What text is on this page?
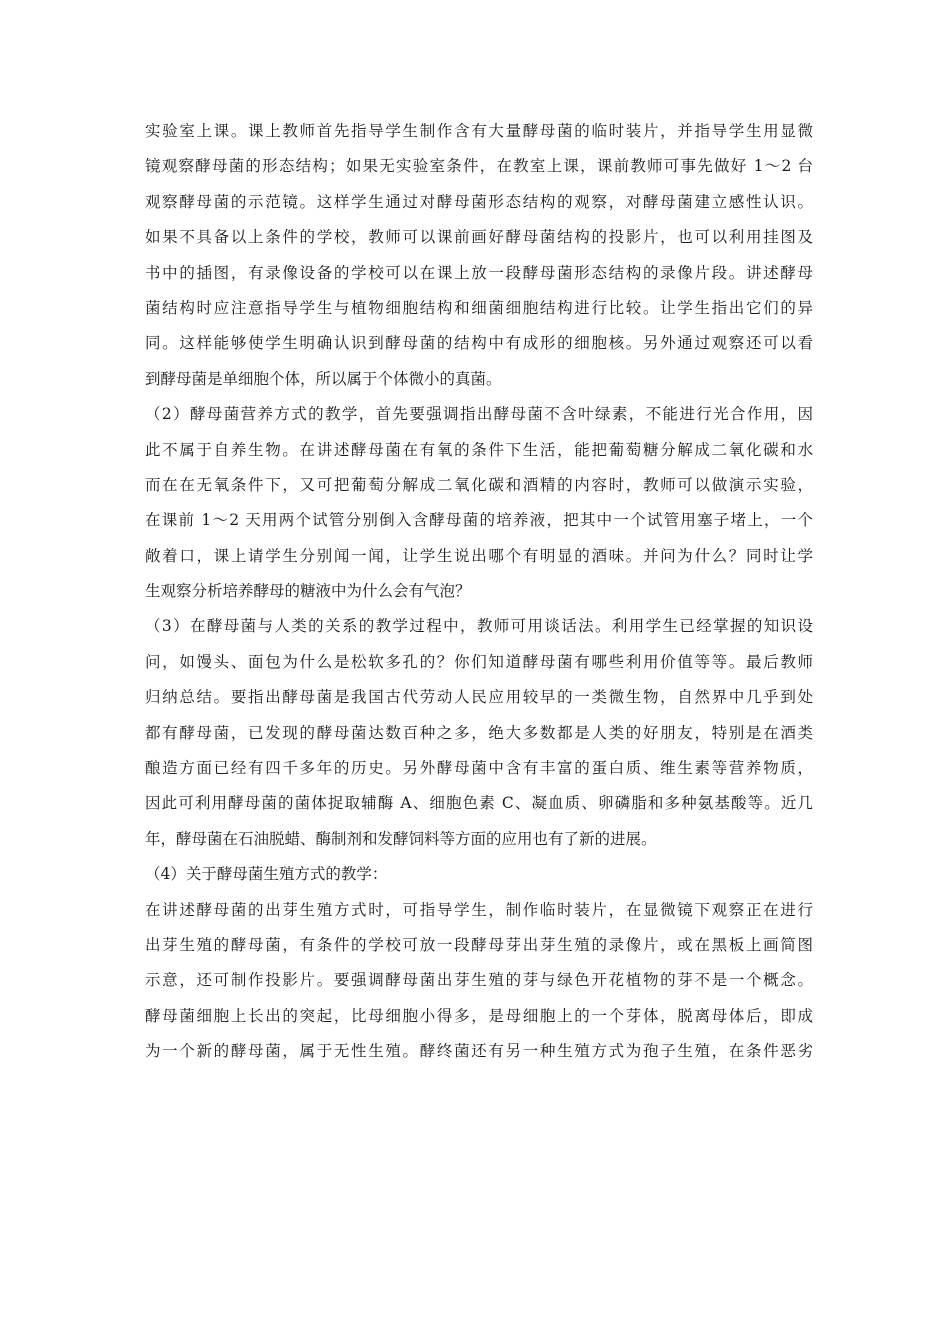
实验室上课。课上教师首先指导学生制作含有大量酵母菌的临时装片，并指导学生用显微
镜观察酵母菌的形态结构；如果无实验室条件，在教室上课，课前教师可事先做好 1～2 台
观察酵母菌的示范镜。这样学生通过对酵母菌形态结构的观察，对酵母菌建立感性认识。
如果不具备以上条件的学校，教师可以课前画好酵母菌结构的投影片，也可以利用挂图及
书中的插图，有录像设备的学校可以在课上放一段酵母菌形态结构的录像片段。讲述酵母
菌结构时应注意指导学生与植物细胞结构和细菌细胞结构进行比较。让学生指出它们的异
同。这样能够使学生明确认识到酵母菌的结构中有成形的细胞核。另外通过观察还可以看
到酵母菌是单细胞个体，所以属于个体微小的真菌。
（2）酵母菌营养方式的教学，首先要强调指出酵母菌不含叶绿素，不能进行光合作用，因
此不属于自养生物。在讲述酵母菌在有氧的条件下生活，能把葡萄糖分解成二氧化碳和水
而在在无氧条件下，又可把葡萄分解成二氧化碳和酒精的内容时，教师可以做演示实验，
在课前 1～2 天用两个试管分别倒入含酵母菌的培养液，把其中一个试管用塞子堵上，一个
敞着口，课上请学生分别闻一闻，让学生说出哪个有明显的酒味。并问为什么？同时让学
生观察分析培养酵母的糖液中为什么会有气泡？
（3）在酵母菌与人类的关系的教学过程中，教师可用谈话法。利用学生已经掌握的知识设
问，如馒头、面包为什么是松软多孔的？你们知道酵母菌有哪些利用价值等等。最后教师
归纳总结。要指出酵母菌是我国古代劳动人民应用较早的一类微生物，自然界中几乎到处
都有酵母菌，已发现的酵母菌达数百种之多，绝大多数都是人类的好朋友，特别是在酒类
酿造方面已经有四千多年的历史。另外酵母菌中含有丰富的蛋白质、维生素等营养物质，
因此可利用酵母菌的菌体捉取辅酶 A、细胞色素 C、凝血质、卵磷脂和多种氨基酸等。近几
年，酵母菌在石油脱蜡、酶制剂和发酵饲料等方面的应用也有了新的进展。
（4）关于酵母菌生殖方式的教学：
在讲述酵母菌的出芽生殖方式时，可指导学生，制作临时装片，在显微镜下观察正在进行
出芽生殖的酵母菌，有条件的学校可放一段酵母芽出芽生殖的录像片，或在黑板上画简图
示意，还可制作投影片。要强调酵母菌出芽生殖的芽与绿色开花植物的芽不是一个概念。
酵母菌细胞上长出的突起，比母细胞小得多，是母细胞上的一个芽体，脱离母体后，即成
为一个新的酵母菌，属于无性生殖。酵终菌还有另一种生殖方式为孢子生殖，在条件恶劣
